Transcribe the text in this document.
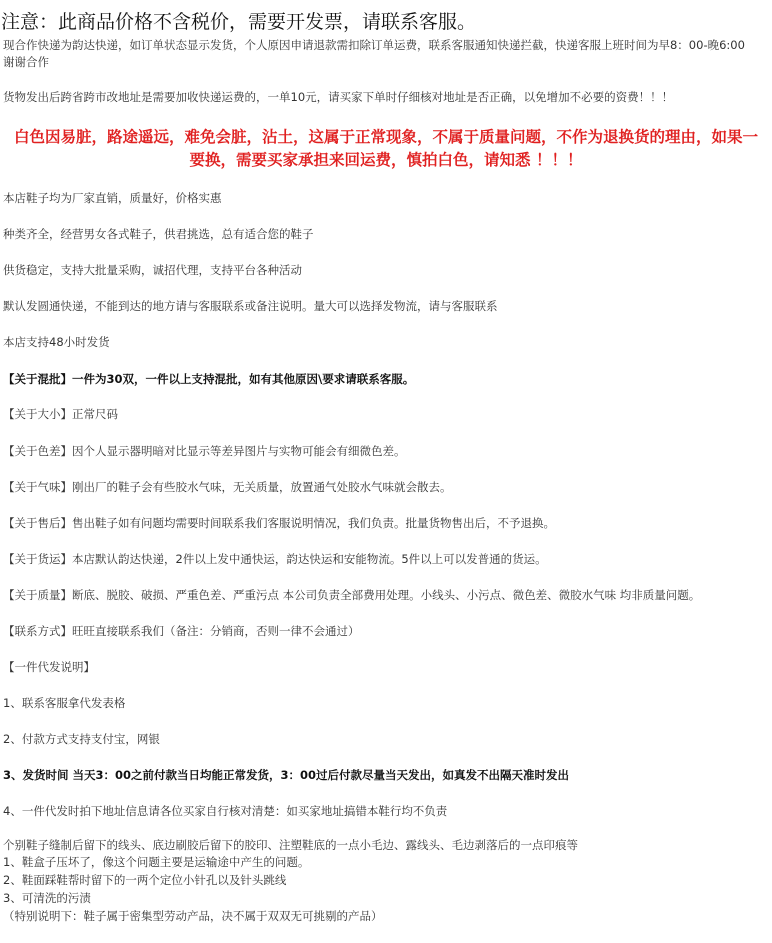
注意：此商品价格不含税价，需要开发票，请联系客服。
现合作快递为韵达快递，如订单状态显示发货，个人原因申请退款需扣除订单运费，联系客服通知快递拦截，快递客服上班时间为早8：00-晚6:00
谢谢合作
货物发出后跨省跨市改地址是需要加收快递运费的，一单10元，请买家下单时仔细核对地址是否正确，以免增加不必要的资费！！！
白色因易脏，路途遥远，难免会脏，沾土，这属于正常现象，不属于质量问题，不作为退换货的理由，如果一
要换，需要买家承担来回运费，慎拍白色，请知悉 ！！！
本店鞋子均为厂家直销，质量好，价格实惠
种类齐全，经营男女各式鞋子，供君挑选，总有适合您的鞋子
供货稳定，支持大批量采购，诚招代理，支持平台各种活动
默认发圆通快递，不能到达的地方请与客服联系或备注说明。量大可以选择发物流，请与客服联系
本店支持48小时发货
【关于混批】一件为30双，一件以上支持混批，如有其他原因\要求请联系客服。
【关于大小】正常尺码
【关于色差】因个人显示器明暗对比显示等差异图片与实物可能会有细微色差。
【关于气味】刚出厂的鞋子会有些胶水气味，无关质量，放置通气处胶水气味就会散去。
【关于售后】售出鞋子如有问题均需要时间联系我们客服说明情况，我们负责。批量货物售出后，不予退换。
【关于货运】本店默认韵达快递，2件以上发中通快运，韵达快运和安能物流。5件以上可以发普通的货运。
【关于质量】断底、脱胶、破损、严重色差、严重污点 本公司负责全部费用处理。小线头、小污点、微色差、微胶水气味 均非质量问题。
【联系方式】旺旺直接联系我们（备注：分销商，否则一律不会通过）
【一件代发说明】
1、联系客服拿代发表格
2、付款方式支持支付宝，网银
3、发货时间 当天3：00之前付款当日均能正常发货，3：00过后付款尽量当天发出，如真发不出隔天准时发出
4、一件代发时拍下地址信息请各位买家自行核对清楚：如买家地址搞错本鞋行均不负责
个别鞋子缝制后留下的线头、底边刷胶后留下的胶印、注塑鞋底的一点小毛边、露线头、毛边剥落后的一点印痕等
1、鞋盒子压坏了，像这个问题主要是运输途中产生的问题。
2、鞋面踩鞋帮时留下的一两个定位小针孔以及针头跳线
3、可清洗的污渍
（特别说明下：鞋子属于密集型劳动产品，决不属于双双无可挑剔的产品）
